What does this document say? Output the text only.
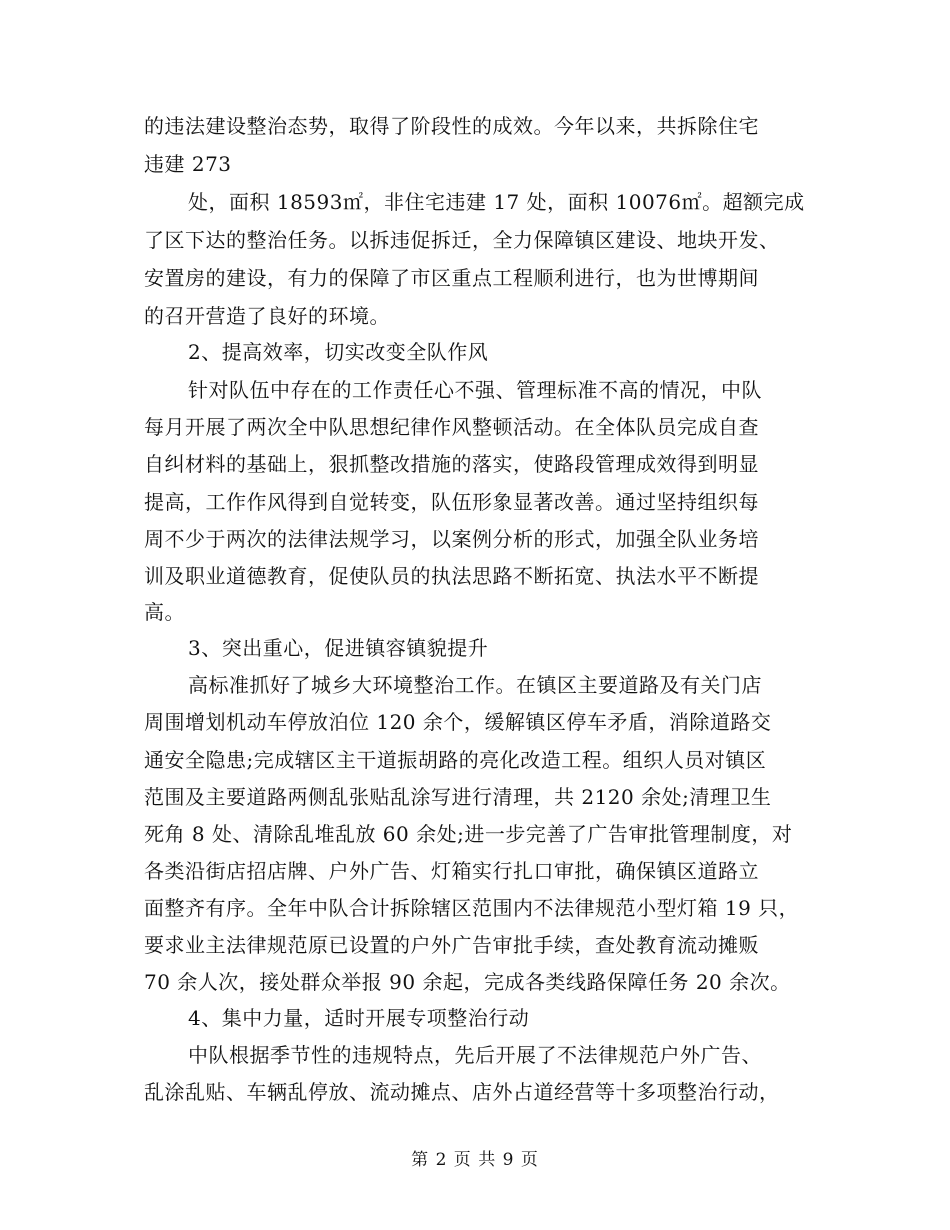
的违法建设整治态势，取得了阶段性的成效。今年以来，共拆除住宅
违建 273
处，面积 18593㎡，非住宅违建 17 处，面积 10076㎡。超额完成
了区下达的整治任务。以拆违促拆迁，全力保障镇区建设、地块开发、
安置房的建设，有力的保障了市区重点工程顺利进行，也为世博期间
的召开营造了良好的环境。
2、提高效率，切实改变全队作风
针对队伍中存在的工作责任心不强、管理标准不高的情况，中队
每月开展了两次全中队思想纪律作风整顿活动。在全体队员完成自查
自纠材料的基础上，狠抓整改措施的落实，使路段管理成效得到明显
提高，工作作风得到自觉转变，队伍形象显著改善。通过坚持组织每
周不少于两次的法律法规学习，以案例分析的形式，加强全队业务培
训及职业道德教育，促使队员的执法思路不断拓宽、执法水平不断提
高。
3、突出重心，促进镇容镇貌提升
高标准抓好了城乡大环境整治工作。在镇区主要道路及有关门店
周围增划机动车停放泊位 120 余个，缓解镇区停车矛盾，消除道路交
通安全隐患;完成辖区主干道振胡路的亮化改造工程。组织人员对镇区
范围及主要道路两侧乱张贴乱涂写进行清理，共 2120 余处;清理卫生
死角 8 处、清除乱堆乱放 60 余处;进一步完善了广告审批管理制度，对
各类沿街店招店牌、户外广告、灯箱实行扎口审批，确保镇区道路立
面整齐有序。全年中队合计拆除辖区范围内不法律规范小型灯箱 19 只，
要求业主法律规范原已设置的户外广告审批手续，查处教育流动摊贩
70 余人次，接处群众举报 90 余起，完成各类线路保障任务 20 余次。
4、集中力量，适时开展专项整治行动
中队根据季节性的违规特点，先后开展了不法律规范户外广告、
乱涂乱贴、车辆乱停放、流动摊点、店外占道经营等十多项整治行动，
第 2 页 共 9 页
